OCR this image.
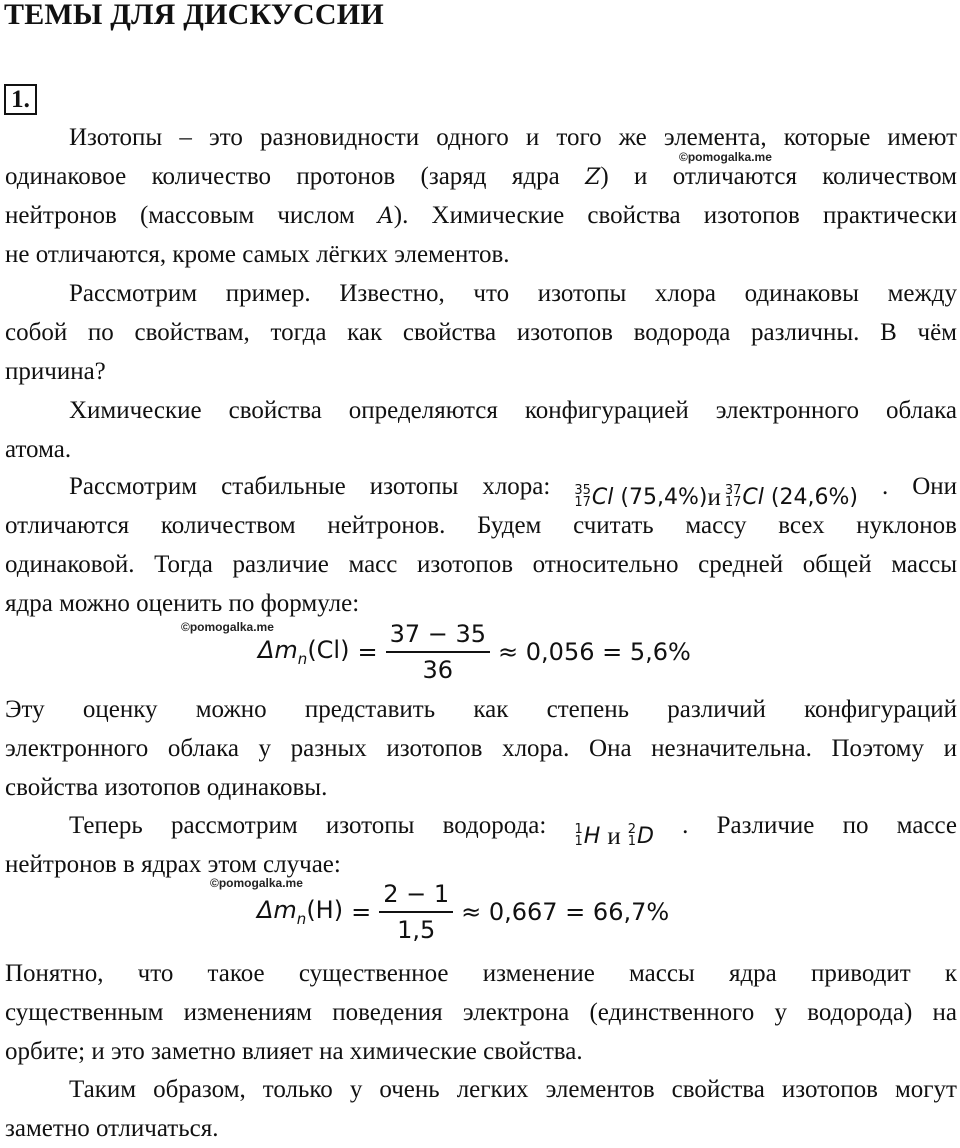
ТЕМЫ ДЛЯ ДИСКУССИИ
1.
Изотопы – это разновидности одного и того же элемента, которые имеют
одинаковое количество протонов (заряд ядра Z) и отличаются количеством
нейтронов (массовым числом A). Химические свойства изотопов практически
не отличаются, кроме самых лёгких элементов.
Рассмотрим пример. Известно, что изотопы хлора одинаковы между
собой по свойствам, тогда как свойства изотопов водорода различны. В чём
причина?
Химические свойства определяются конфигурацией электронного облака
атома.
Рассмотрим стабильные изотопы хлора: 35
17 Cl
(75,4%) и 37
17 Cl
(24,6%) . Они
отличаются количеством нейтронов. Будем считать массу всех нуклонов
одинаковой. Тогда различие масс изотопов относительно средней общей массы
ядра можно оценить по формуле:
©pomogalka.me
$\Delta m_n(Cl) = \frac{37 - 35}{36} \approx 0,056 = 5,6\%$
Эту оценку можно представить как степень различий конфигураций
электронного облака у разных изотопов хлора. Она незначительна. Поэтому и
свойства изотопов одинаковы.
Теперь рассмотрим изотопы водорода: 1
1 H
и
2
1 D . Различие по массе
нейтронов в ядрах этом случае:
©pomogalka.me
$\Delta m_n(H) = \frac{2 - 1}{1,5} \approx 0,667 = 66,7\%$
Понятно, что такое существенное изменение массы ядра приводит к
существенным изменениям поведения электрона (единственного у водорода) на
орбите; и это заметно влияет на химические свойства.
Таким образом, только у очень легких элементов свойства изотопов могут
заметно отличаться.
©pomogalka.me
